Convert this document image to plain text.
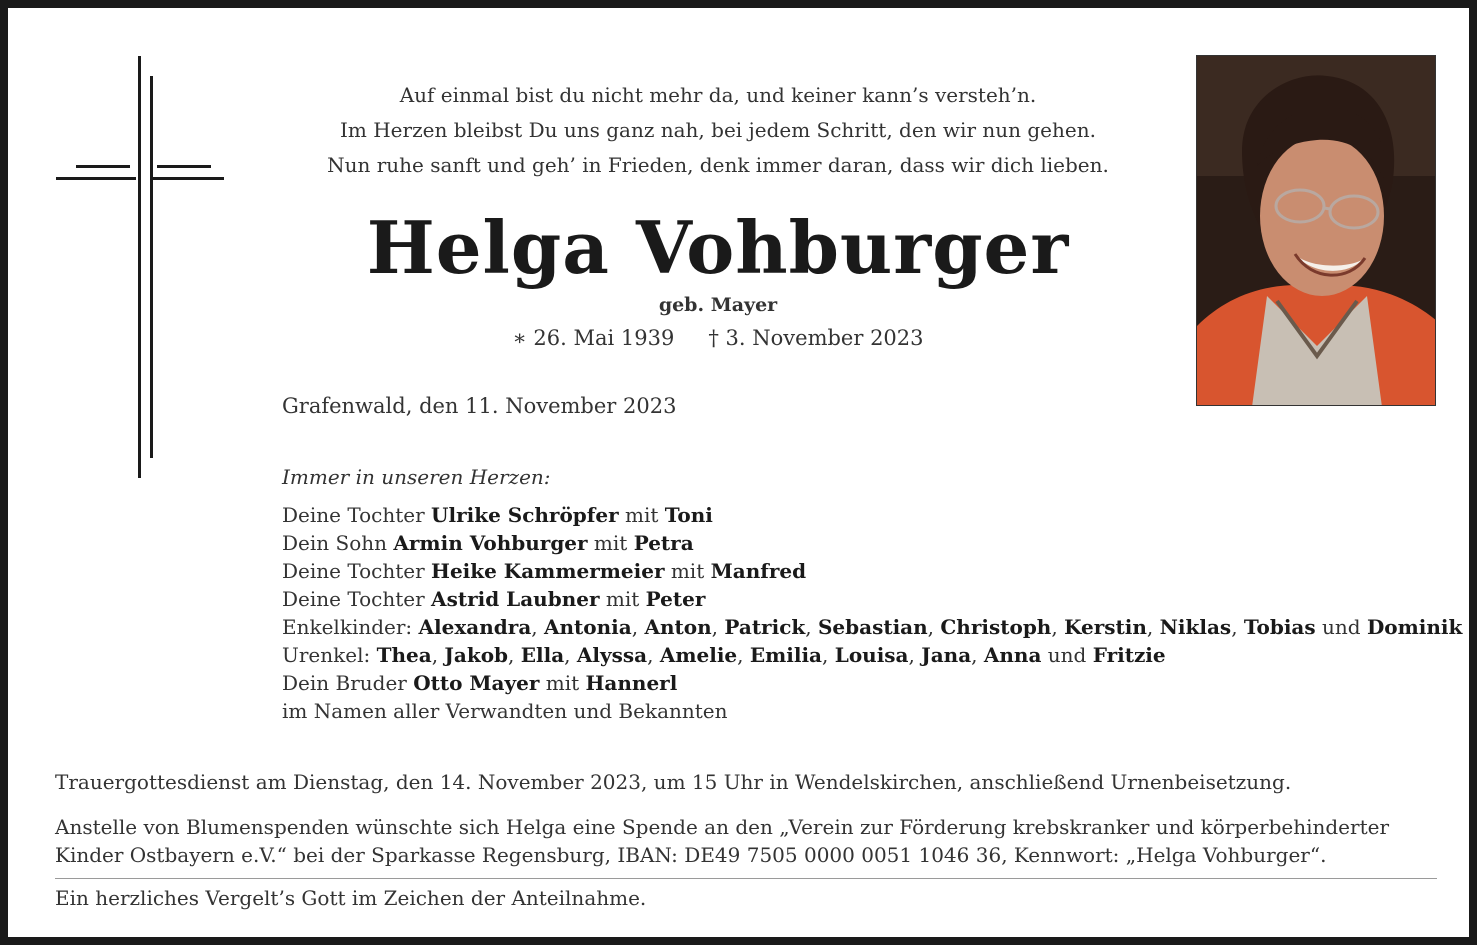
Auf einmal bist du nicht mehr da, und keiner kann’s versteh’n.
Im Herzen bleibst Du uns ganz nah, bei jedem Schritt, den wir nun gehen.
Nun ruhe sanft und geh’ in Frieden, denk immer daran, dass wir dich lieben.
Helga Vohburger
geb. Mayer
∗ 26. Mai 1939 † 3. November 2023
Grafenwald, den 11. November 2023
Immer in unseren Herzen:
Deine Tochter Ulrike Schröpfer mit Toni
Dein Sohn Armin Vohburger mit Petra
Deine Tochter Heike Kammermeier mit Manfred
Deine Tochter Astrid Laubner mit Peter
Enkelkinder: Alexandra, Antonia, Anton, Patrick, Sebastian, Christoph, Kerstin, Niklas, Tobias und Dominik
Urenkel: Thea, Jakob, Ella, Alyssa, Amelie, Emilia, Louisa, Jana, Anna und Fritzie
Dein Bruder Otto Mayer mit Hannerl
im Namen aller Verwandten und Bekannten
Trauergottesdienst am Dienstag, den 14. November 2023, um 15 Uhr in Wendelskirchen, anschließend Urnenbeisetzung.
Anstelle von Blumenspenden wünschte sich Helga eine Spende an den „Verein zur Förderung krebskranker und körperbehinderter Kinder Ostbayern e.V.“ bei der Sparkasse Regensburg, IBAN: DE49 7505 0000 0051 1046 36, Kennwort: „Helga Vohburger“.
Ein herzliches Vergelt’s Gott im Zeichen der Anteilnahme.
